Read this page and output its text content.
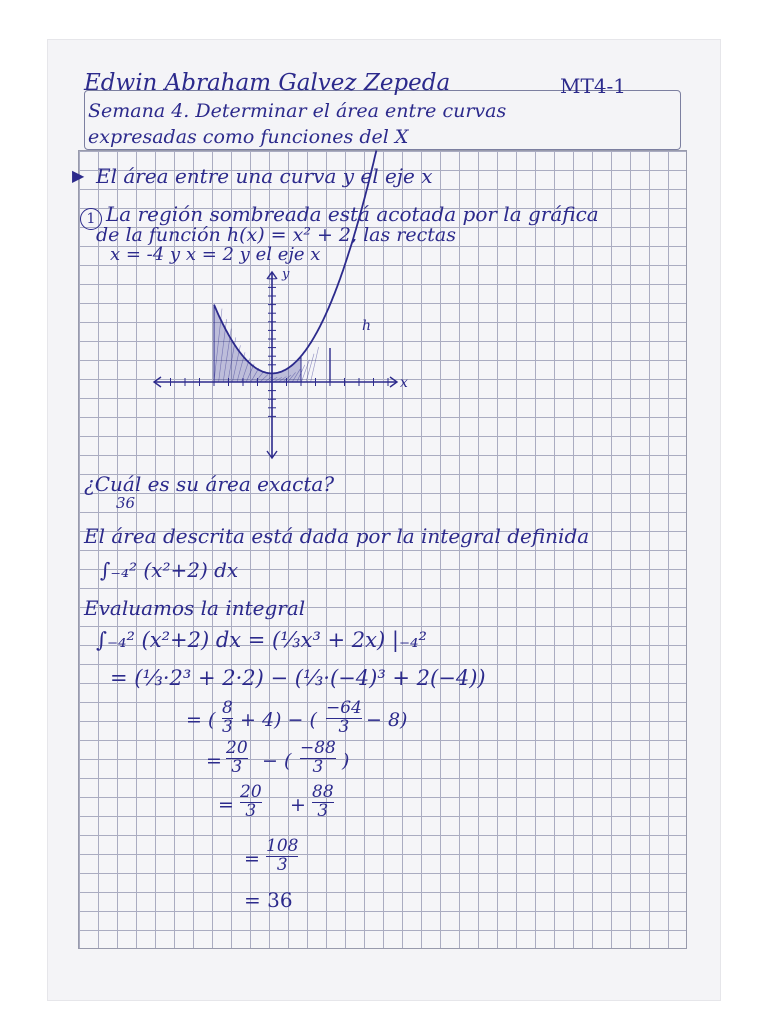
Edwin Abraham Galvez Zepeda	MT4-1
Semana 4. Determinar el área entre curvas
expresadas como funciones del X
▶ El área entre una curva y el eje x
1 La región sombreada está acotada por la gráfica
de la función h(x) = x² + 2, las rectas
x = -4 y x = 2 y el eje x
y
x
h
¿Cuál es su área exacta?
36
El área descrita está dada por la integral definida
∫₋₄² (x²+2) dx
Evaluamos la integral
∫₋₄² (x²+2) dx = (⅓x³ + 2x) |₋₄²
= (⅓·2³ + 2·2) − (⅓·(−4)³ + 2(−4))
= (
8
3 + 4) − (
−64
3 − 8)
=
20
3 − (
−88
3 )
=
20
3 +
88
3
=
108
3
= 36
